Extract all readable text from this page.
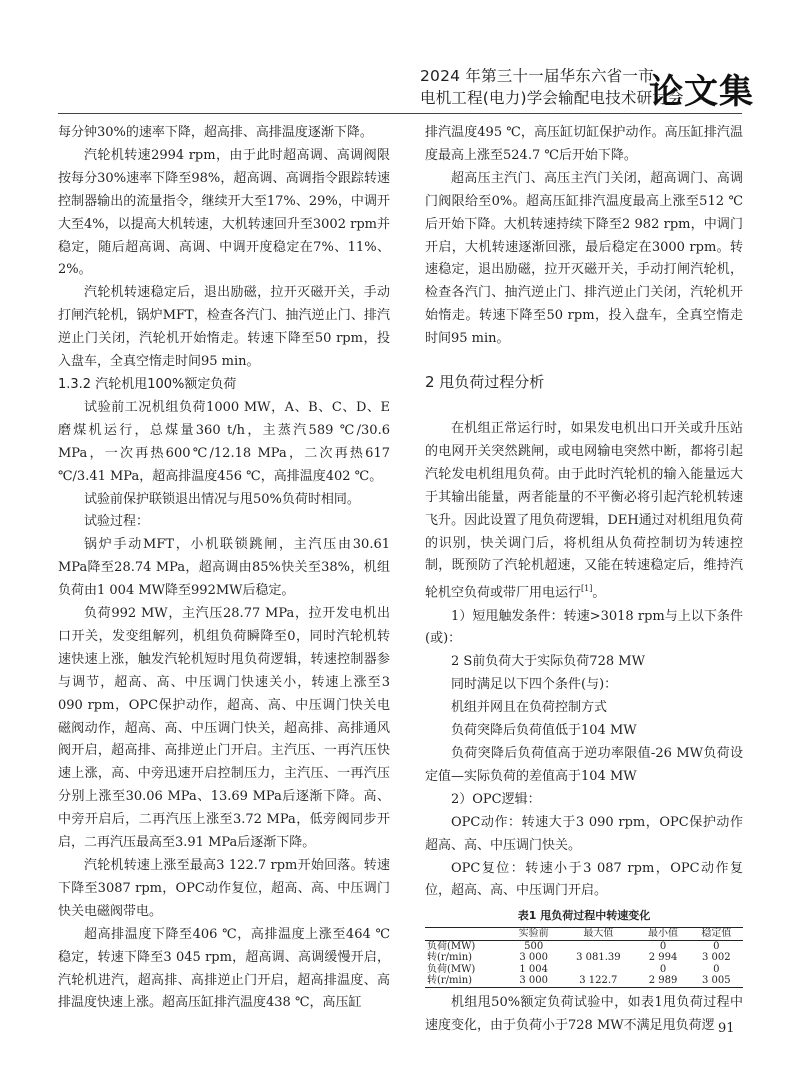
2024 年第三十一届华东六省一市
电机工程(电力)学会输配电技术研讨会
论文集

每分钟30%的速率下降，超高排、高排温度逐渐下降。

汽轮机转速2994 rpm，由于此时超高调、高调阀限按每分30%速率下降至98%，超高调、高调指令跟踪转速控制器输出的流量指令，继续开大至17%、29%，中调开大至4%，以提高大机转速，大机转速回升至3002 rpm并稳定，随后超高调、高调、中调开度稳定在7%、11%、2%。

汽轮机转速稳定后，退出励磁，拉开灭磁开关，手动打闸汽轮机，锅炉MFT，检查各汽门、抽汽逆止门、排汽逆止门关闭，汽轮机开始惰走。转速下降至50 rpm，投入盘车，全真空惰走时间95 min。

1.3.2 汽轮机甩100%额定负荷

试验前工况机组负荷1000 MW，A、B、C、D、E磨煤机运行，总煤量360 t/h，主蒸汽589 ℃/30.6 MPa，一次再热600℃/12.18 MPa，二次再热617 ℃/3.41 MPa，超高排温度456 ℃，高排温度402 ℃。

试验前保护联锁退出情况与甩50%负荷时相同。

试验过程：

锅炉手动MFT，小机联锁跳闸，主汽压由30.61 MPa降至28.74 MPa，超高调由85%快关至38%，机组负荷由1 004 MW降至992MW后稳定。

负荷992 MW，主汽压28.77 MPa，拉开发电机出口开关，发变组解列，机组负荷瞬降至0，同时汽轮机转速快速上涨，触发汽轮机短时甩负荷逻辑，转速控制器参与调节，超高、高、中压调门快速关小，转速上涨至3 090 rpm，OPC保护动作，超高、高、中压调门快关电磁阀动作，超高、高、中压调门快关，超高排、高排通风阀开启，超高排、高排逆止门开启。主汽压、一再汽压快速上涨，高、中旁迅速开启控制压力，主汽压、一再汽压分别上涨至30.06 MPa、13.69 MPa后逐渐下降。高、中旁开启后，二再汽压上涨至3.72 MPa，低旁阀同步开启，二再汽压最高至3.91 MPa后逐渐下降。

汽轮机转速上涨至最高3 122.7 rpm开始回落。转速下降至3087 rpm，OPC动作复位，超高、高、中压调门快关电磁阀带电。

超高排温度下降至406 ℃，高排温度上涨至464 ℃稳定，转速下降至3 045 rpm，超高调、高调缓慢开启，汽轮机进汽，超高排、高排逆止门开启，超高排温度、高排温度快速上涨。超高压缸排汽温度438 ℃，高压缸

排汽温度495 ℃，高压缸切缸保护动作。高压缸排汽温度最高上涨至524.7 ℃后开始下降。

超高压主汽门、高压主汽门关闭，超高调门、高调门阀限给至0%。超高压缸排汽温度最高上涨至512 ℃后开始下降。大机转速持续下降至2 982 rpm，中调门开启，大机转速逐渐回涨，最后稳定在3000 rpm。转速稳定，退出励磁，拉开灭磁开关，手动打闸汽轮机，检查各汽门、抽汽逆止门、排汽逆止门关闭，汽轮机开始惰走。转速下降至50 rpm，投入盘车，全真空惰走时间95 min。

2 甩负荷过程分析

在机组正常运行时，如果发电机出口开关或升压站的电网开关突然跳闸，或电网输电突然中断，都将引起汽轮发电机组甩负荷。由于此时汽轮机的输入能量远大于其输出能量，两者能量的不平衡必将引起汽轮机转速飞升。因此设置了甩负荷逻辑，DEH通过对机组甩负荷的识别，快关调门后，将机组从负荷控制切为转速控制，既预防了汽轮机超速，又能在转速稳定后，维持汽轮机空负荷或带厂用电运行[1]。

1）短甩触发条件：转速>3018 rpm与上以下条件(或)：

2 S前负荷大于实际负荷728 MW

同时满足以下四个条件(与)：

机组并网且在负荷控制方式

负荷突降后负荷值低于104 MW

负荷突降后负荷值高于逆功率限值-26 MW负荷设定值—实际负荷的差值高于104 MW

2）OPC逻辑：

OPC动作：转速大于3 090 rpm，OPC保护动作超高、高、中压调门快关。

OPC复位：转速小于3 087 rpm，OPC动作复位，超高、高、中压调门开启。

表1 甩负荷过程中转速变化
	实验前	最大值	最小值	稳定值
负荷(MW)	500		0	0
转(r/min)	3 000	3 081.39	2 994	3 002
负荷(MW)	1 004		0	0
转(r/min)	3 000	3 122.7	2 989	3 005

机组甩50%额定负荷试验中，如表1甩负荷过程中速度变化，由于负荷小于728 MW不满足甩负荷逻 91
